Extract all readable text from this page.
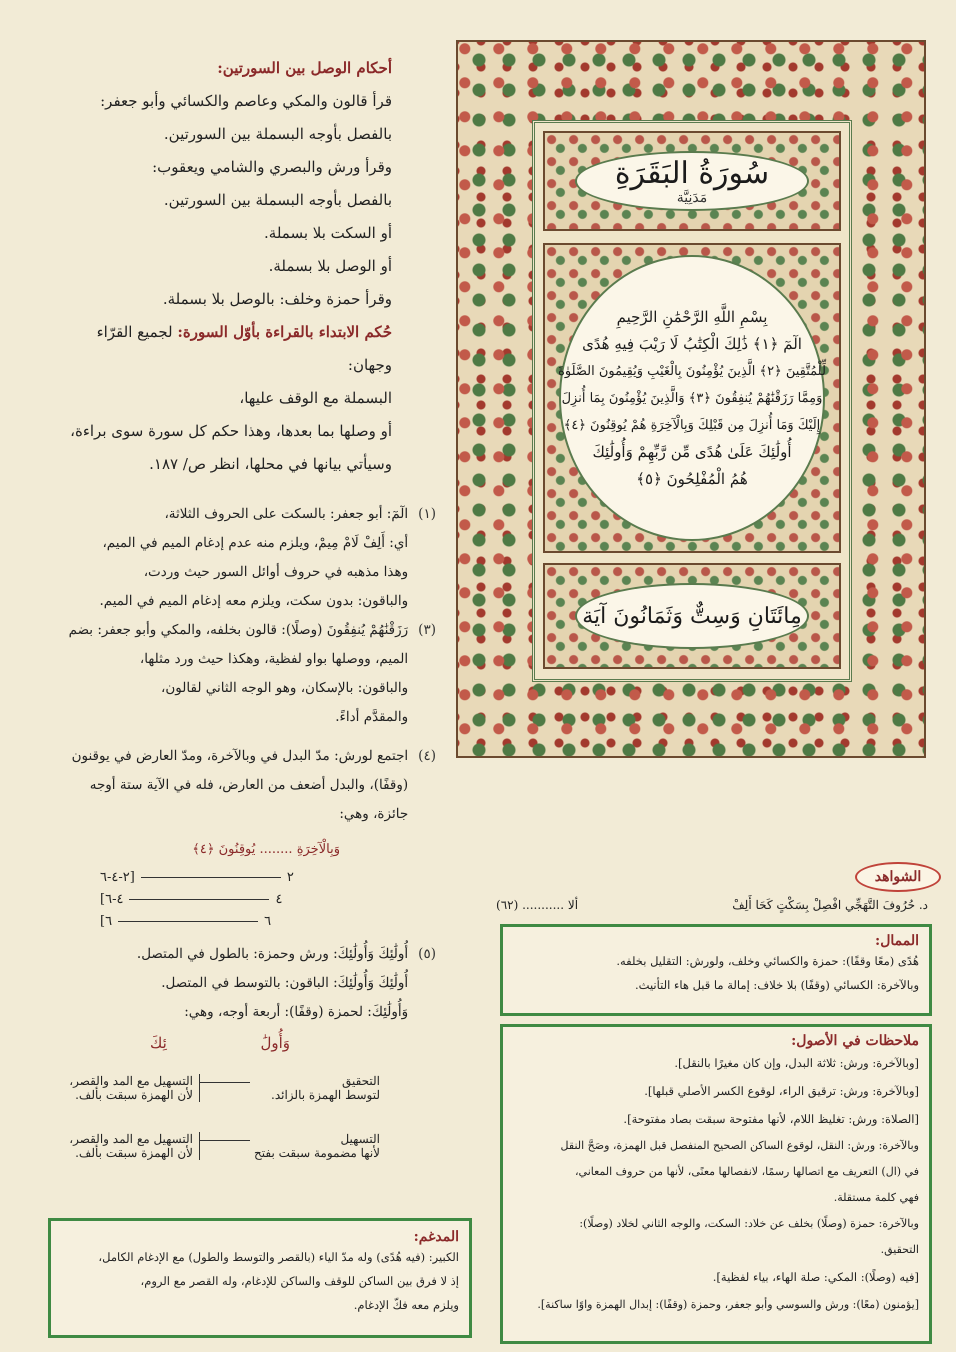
سُورَةُ البَقَرَةِ
مَدَنِيَّة
بِسْمِ اللَّهِ الرَّحْمَٰنِ الرَّحِيمِ
الٓمٓ ﴿١﴾ ذَٰلِكَ الْكِتَٰبُ لَا رَيْبَ فِيهِ هُدًى
لِّلْمُتَّقِينَ ﴿٢﴾ الَّذِينَ يُؤْمِنُونَ بِالْغَيْبِ وَيُقِيمُونَ الصَّلَوٰةَ
وَمِمَّا رَزَقْنَٰهُمْ يُنفِقُونَ ﴿٣﴾ وَالَّذِينَ يُؤْمِنُونَ بِمَا أُنزِلَ
إِلَيْكَ وَمَا أُنزِلَ مِن قَبْلِكَ وَبِالْآخِرَةِ هُمْ يُوقِنُونَ ﴿٤﴾
أُولَٰئِكَ عَلَىٰ هُدًى مِّن رَّبِّهِمْ وَأُولَٰئِكَ
هُمُ الْمُفْلِحُونَ ﴿٥﴾
مِائَتَانِ وَسِتٌّ وَثَمَانُونَ آيَة
أحكام الوصل بين السورتين:
قرأ قالون والمكي وعاصم والكسائي وأبو جعفر:
بالفصل بأوجه البسملة بين السورتين.
وقرأ ورش والبصري والشامي ويعقوب:
بالفصل بأوجه البسملة بين السورتين.
أو السكت بلا بسملة.
أو الوصل بلا بسملة.
وقرأ حمزة وخلف: بالوصل بلا بسملة.
حُكم الابتداء بالقراءة بأوّل السورة: لجميع القرّاء
وجهان:
البسملة مع الوقف عليها،
أو وصلها بما بعدها، وهذا حكم كل سورة سوى براءة،
وسيأتي بيانها في محلها، انظر ص/ ١٨٧.
(١)
الٓمٓ: أبو جعفر: بالسكت على الحروف الثلاثة،
أي: أَلِفْ لَامْ مِيمْ، ويلزم منه عدم إدغام الميم في الميم،
وهذا مذهبه في حروف أوائل السور حيث وردت،
والباقون: بدون سكت، ويلزم معه إدغام الميم في الميم.
(٣)
رَزَقْنَٰهُمْ يُنفِقُونَ (وصلًا): قالون بخلفه، والمكي وأبو جعفر: بضم
الميم، ووصلها بواو لفظية، وهكذا حيث ورد مثلها،
والباقون: بالإسكان، وهو الوجه الثاني لقالون،
والمقدَّم أداءً.
(٤)
اجتمع لورش: مدّ البدل في وبالآخرة، ومدّ العارض في يوقنون
(وقفًا)، والبدل أضعف من العارض، فله في الآية ستة أوجه
جائزة، وهي:
وَبِالْآخِرَةِ ........ يُوقِنُونَ ﴿٤﴾
٢-٤-٦]	٢
[٤-٦	٤
[٦	٦
(٥)
أُولَٰئِكَ وَأُولَٰئِكَ: ورش وحمزة: بالطول في المتصل.
أُولَٰئِكَ وَأُولَٰئِكَ: الباقون: بالتوسط في المتصل.
وَأُولَٰئِكَ: لحمزة (وقفًا): أربعة أوجه، وهي:
وَأُولَٰ
ئِكَ
التحقيق
لتوسط الهمزة بالزائد.
التسهيل مع المد والقصر،
لأن الهمزة سبقت بألف.
التسهيل
لأنها مضمومة سبقت بفتح
التسهيل مع المد والقصر،
لأن الهمزة سبقت بألف.
المدغم:
الكبير: (فيه هُدًى) وله مدّ الياء (بالقصر والتوسط والطول) مع الإدغام الكامل،
إذ لا فرق بين الساكن للوقف والساكن للإدغام، وله القصر مع الروم،
ويلزم معه فكّ الإدغام.
الشواهد
د. حُرُوفَ التَّهَجِّي افْصِلْ بِسَكْتٍ كَحَا أَلِفْ
ألا ........... (٦٢)
الممال:
هُدًى (معًا وقفًا): حمزة والكسائي وخلف، ولورش: التقليل بخلفه.
وبالآخرة: الكسائي (وقفًا) بلا خلاف: إمالة ما قبل هاء التأنيث.
ملاحظات في الأصول:
[وبالآخرة: ورش: ثلاثة البدل، وإن كان مغيرًا بالنقل].
[وبالآخرة: ورش: ترقيق الراء، لوقوع الكسر الأصلي قبلها].
[الصلاة: ورش: تغليظ اللام، لأنها مفتوحة سبقت بصاد مفتوحة].
وبالآخرة: ورش: النقل، لوقوع الساكن الصحيح المنفصل قبل الهمزة، وصَحَّ النقل
في (ال) التعريف مع اتصالها رسمًا، لانفصالها معنًى، لأنها من حروف المعاني،
فهي كلمة مستقلة.
وبالآخرة: حمزة (وصلًا) بخلف عن خلاد: السكت، والوجه الثاني لخلاد (وصلًا):
التحقيق.
[فيه (وصلًا): المكي: صلة الهاء، بياء لفظية].
[يؤمنون (معًا): ورش والسوسي وأبو جعفر، وحمزة (وقفًا): إبدال الهمزة واوًا ساكنة].
